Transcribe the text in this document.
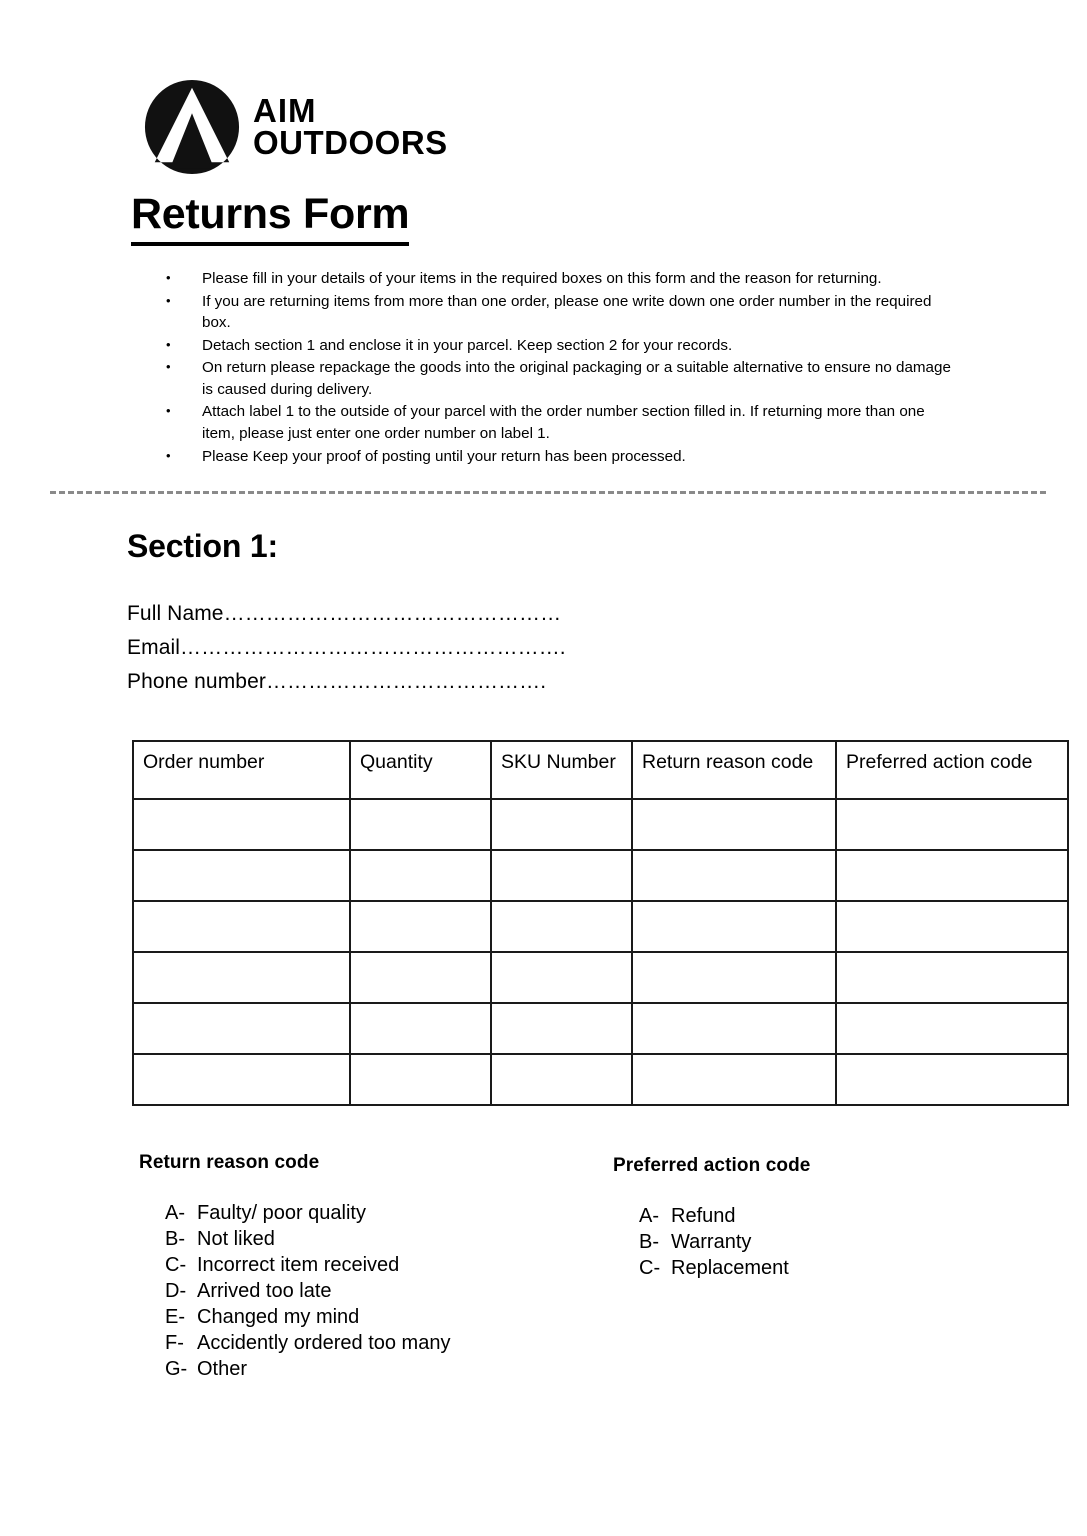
AIM
OUTDOORS
Returns Form
•	Please fill in your details of your items in the required boxes on this form and the reason for returning.
•	If you are returning items from more than one order, please one write down one order number in the required box.
•	Detach section 1 and enclose it in your parcel. Keep section 2 for your records.
•	On return please repackage the goods into the original packaging or a suitable alternative to ensure no damage is caused during delivery.
•	Attach label 1 to the outside of your parcel with the order number section filled in. If returning more than one item, please just enter one order number on label 1.
•	Please Keep your proof of posting until your return has been processed.
Section 1:
Full Name…………………………………………
Email……………………………………………….
Phone number………………………………….
Order number	Quantity	SKU Number	Return reason code	Preferred action code

Return reason code
A- Faulty/ poor quality
B- Not liked
C- Incorrect item received
D- Arrived too late
E- Changed my mind
F- Accidently ordered too many
G- Other
Preferred action code
A- Refund
B- Warranty
C- Replacement
